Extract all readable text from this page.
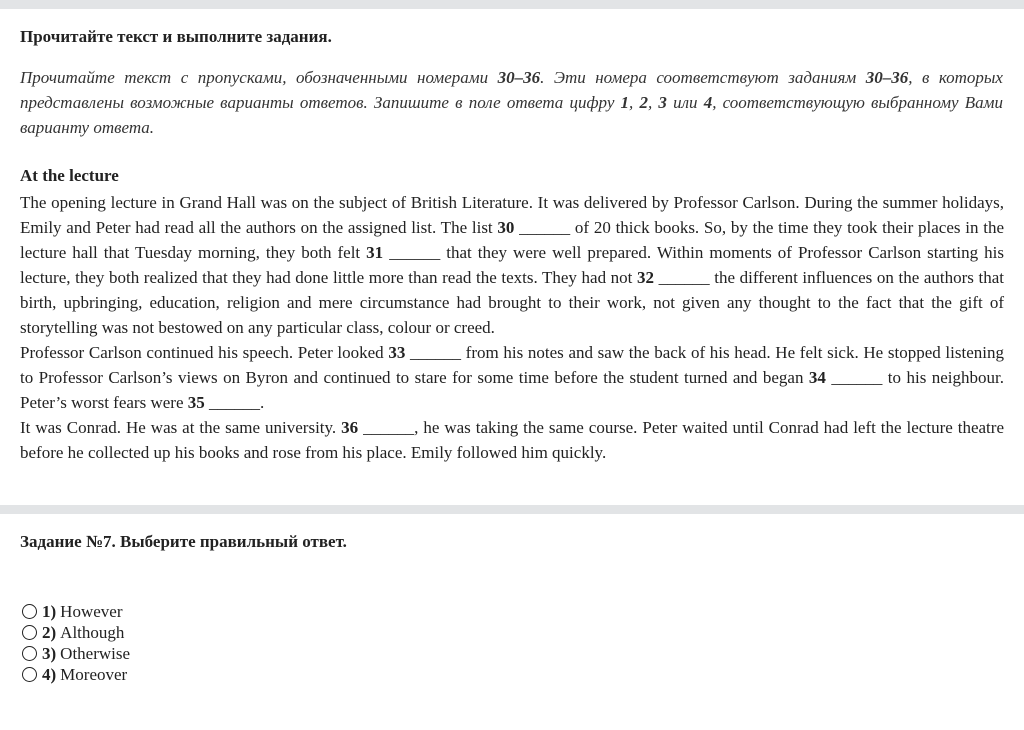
Прочитайте текст и выполните задания.

Прочитайте текст с пропусками, обозначенными номерами 30–36. Эти номера соответствуют заданиям 30–36, в которых представлены возможные варианты ответов. Запишите в поле ответа цифру 1, 2, 3 или 4, соответствующую выбранному Вами варианту ответа.

At the lecture

The opening lecture in Grand Hall was on the subject of British Literature. It was delivered by Professor Carlson. During the summer holidays, Emily and Peter had read all the authors on the assigned list. The list 30 ______ of 20 thick books. So, by the time they took their places in the lecture hall that Tuesday morning, they both felt 31 ______ that they were well prepared. Within moments of Professor Carlson starting his lecture, they both realized that they had done little more than read the texts. They had not 32 ______ the different influences on the authors that birth, upbringing, education, religion and mere circumstance had brought to their work, not given any thought to the fact that the gift of storytelling was not bestowed on any particular class, colour or creed.

Professor Carlson continued his speech. Peter looked 33 ______ from his notes and saw the back of his head. He felt sick. He stopped listening to Professor Carlson’s views on Byron and continued to stare for some time before the student turned and began 34 ______ to his neighbour. Peter’s worst fears were 35 ______.

It was Conrad. He was at the same university. 36 ______, he was taking the same course. Peter waited until Conrad had left the lecture theatre before he collected up his books and rose from his place. Emily followed him quickly.

Задание №7. Выберите правильный ответ.
1) However
2) Although
3) Otherwise
4) Moreover
